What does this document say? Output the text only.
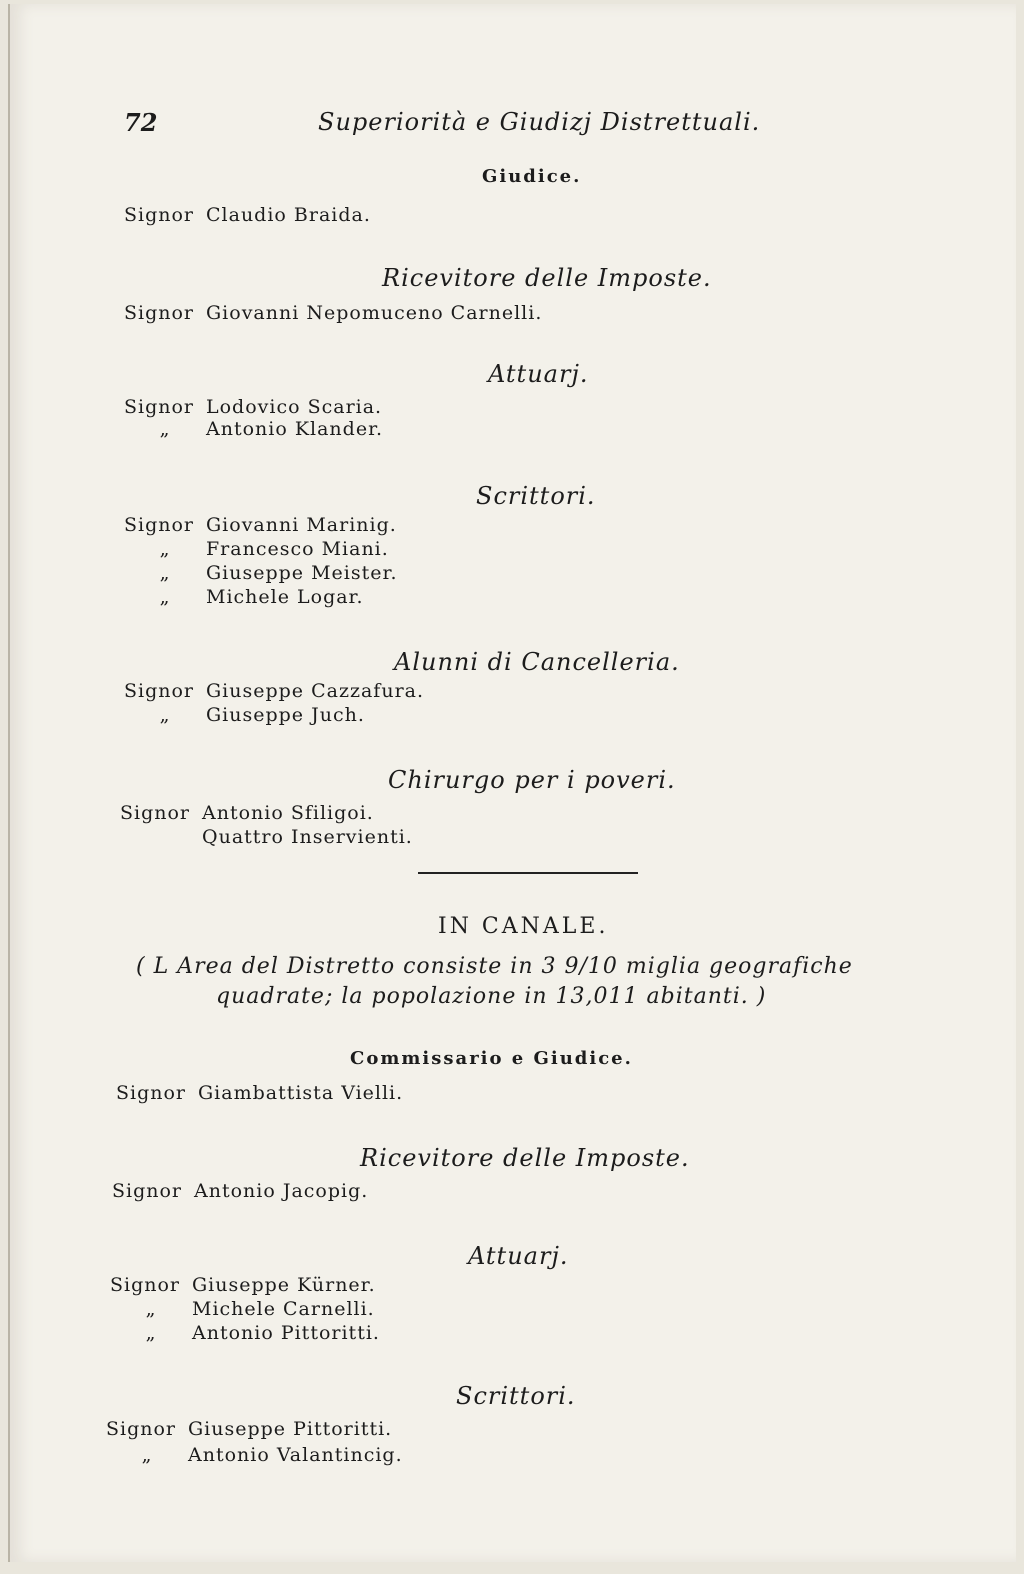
72	Superiorità e Giudizj Distrettuali.
Giudice.
Signor Claudio Braida.
Ricevitore delle Imposte.
Signor Giovanni Nepomuceno Carnelli.
Attuarj.
Signor Lodovico Scaria.
„ Antonio Klander.
Scrittori.
Signor Giovanni Marinig.
„ Francesco Miani.
„ Giuseppe Meister.
„ Michele Logar.
Alunni di Cancelleria.
Signor Giuseppe Cazzafura.
„ Giuseppe Juch.
Chirurgo per i poveri.
Signor Antonio Sfiligoi.
Quattro Inservienti.
IN CANALE.
( L Area del Distretto consiste in 3 9/10 miglia geografiche
quadrate; la popolazione in 13,011 abitanti. )
Commissario e Giudice.
Signor Giambattista Vielli.
Ricevitore delle Imposte.
Signor Antonio Jacopig.
Attuarj.
Signor Giuseppe Kürner.
„ Michele Carnelli.
„ Antonio Pittoritti.
Scrittori.
Signor Giuseppe Pittoritti.
„ Antonio Valantincig.
